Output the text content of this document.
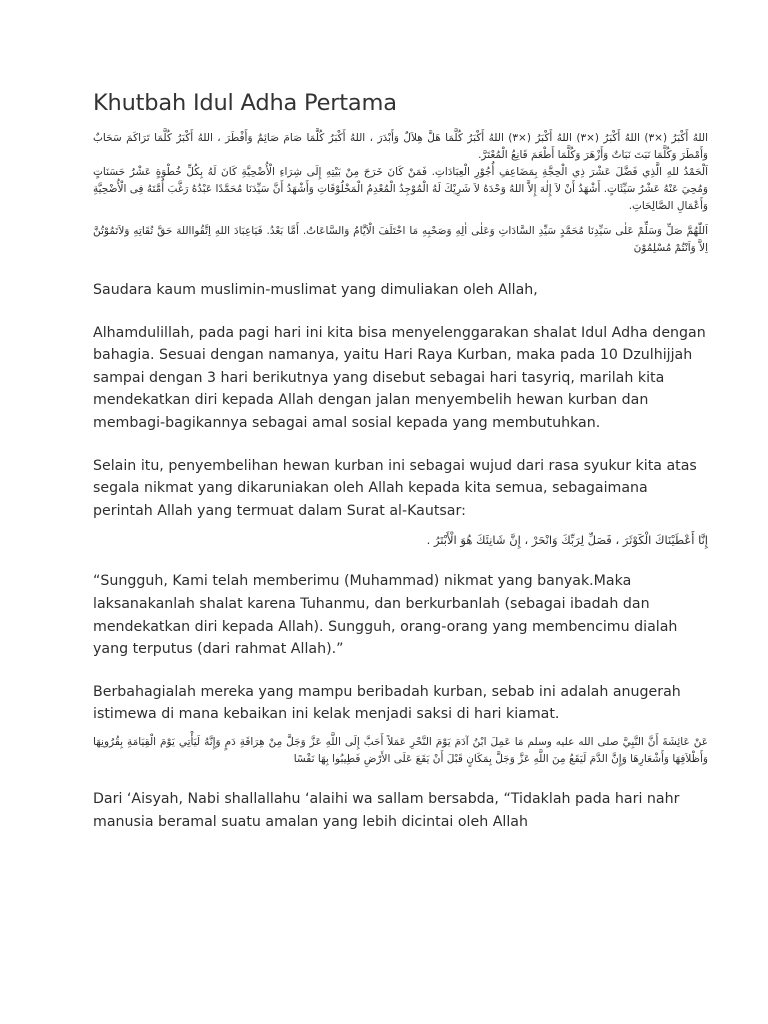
Khutbah Idul Adha Pertama

اللهُ أَكْبَرُ (×٣) اللهُ أَكْبَرُ (×٣) اللهُ أَكْبَرُ (×٣) اللهُ أَكْبَرُ كُلَّمَا هَلَّ هِلاَلٌ وَأَبْدَرَ ، اللهُ أَكْبَرُ كُلَّمَا صَامَ صَائِمٌ وَأَفْطَرَ ، اللهُ أَكْبَرُ كُلَّمَا تَرَاكَمَ سَحَابٌ وَأَمْطَرَ وَكُلَّمَا نَبَتَ نَبَاتٌ وَأَزْهَرَ وَكُلَّمَا أَطْعَمَ قَانِعُ الْمُعْتَرَّ.

اَلْحَمْدُ للهِ الَّذِي فَضَّلَ عَشْرَ ذِي الْحِجَّةِ بِمَضَاعِفِ أُجُوْرِ الْعِبَادَاتِ. فَمَنْ كَانَ خَرَجَ مِنْ بَيْتِهِ إِلَى شِرَاءِ الْأُضْحِيَّةِ كَانَ لَهُ بِكُلِّ خُطْوَةٍ عَشْرُ حَسَنَاتٍ وَمُحِيَ عَنْهُ عَشْرُ سَيِّئَاتٍ. أَشْهَدُ أَنْ لاَ إِلٰهَ إِلاَّ اللهُ وَحْدَهُ لاَ شَرِيْكَ لَهُ الْمُوْجِدُ الْمُعْدِمُ الْمَخْلُوْقَاتِ وَأَشْهَدُ أَنَّ سَيِّدَنَا مُحَمَّدًا عَبْدُهُ رَغَّبَ أُمَّتَهُ فِى الْأُضْحِيَّةِ وَأَعْمَالِ الصَّالِحَاتِ.

اَللّٰهُمَّ صَلِّ وَسَلِّمْ عَلٰى سَيِّدِنَا مُحَمَّدٍ سَيِّدِ السَّادَاتِ وَعَلٰى اٰلِهِ وَصَحْبِهِ مَا اخْتَلَفَ الْاَيَّامُ وَالسَّاعَاتُ. أَمَّا بَعْدُ. فَيَاعِبَادَ اللهِ اِتَّقُوااللهَ حَقَّ تُقَاتِهِ وَلاَتَمُوْتُنَّ اِلاَّ وَاَنْتُمْ مُسْلِمُوْنَ

Saudara kaum muslimin-muslimat yang dimuliakan oleh Allah,

Alhamdulillah, pada pagi hari ini kita bisa menyelenggarakan shalat Idul Adha dengan bahagia. Sesuai dengan namanya, yaitu Hari Raya Kurban, maka pada 10 Dzulhijjah sampai dengan 3 hari berikutnya yang disebut sebagai hari tasyriq, marilah kita mendekatkan diri kepada Allah dengan jalan menyembelih hewan kurban dan membagi-bagikannya sebagai amal sosial kepada yang membutuhkan.

Selain itu, penyembelihan hewan kurban ini sebagai wujud dari rasa syukur kita atas segala nikmat yang dikaruniakan oleh Allah kepada kita semua, sebagaimana perintah Allah yang termuat dalam Surat al-Kautsar:

إِنَّا أَعْطَيْنَاكَ الْكَوْثَرَ ، فَصَلِّ لِرَبِّكَ وَانْحَرْ ، إِنَّ شَانِئَكَ هُوَ الْأَبْتَرُ .

“Sungguh, Kami telah memberimu (Muhammad) nikmat yang banyak.Maka laksanakanlah shalat karena Tuhanmu, dan berkurbanlah (sebagai ibadah dan mendekatkan diri kepada Allah). Sungguh, orang-orang yang membencimu dialah yang terputus (dari rahmat Allah).”

Berbahagialah mereka yang mampu beribadah kurban, sebab ini adalah anugerah istimewa di mana kebaikan ini kelak menjadi saksi di hari kiamat.

عَنْ عَائِشَةَ أَنَّ النَّبِيَّ صلى الله عليه وسلم مَا عَمِلَ ابْنُ آدَمَ يَوْمَ النَّحْرِ عَمَلاً أَحَبَّ إِلَى اللَّهِ عَزَّ وَجَلَّ مِنْ هِرَاقَةِ دَمٍ وَإِنَّهُ لَيَأْتِي يَوْمَ الْقِيَامَةِ بِقُرُونِهَا وَأَظْلاَفِهَا وَأَشْعَارِهَا وَإِنَّ الدَّمَ لَيَقَعُ مِنَ اللَّهِ عَزَّ وَجَلَّ بِمَكَانٍ قَبْلَ أَنْ يَقَعَ عَلَى الأَرْضِ فَطِيبُوا بِهَا نَفْسًا

Dari ‘Aisyah, Nabi shallallahu ‘alaihi wa sallam bersabda, “Tidaklah pada hari nahr manusia beramal suatu amalan yang lebih dicintai oleh Allah
